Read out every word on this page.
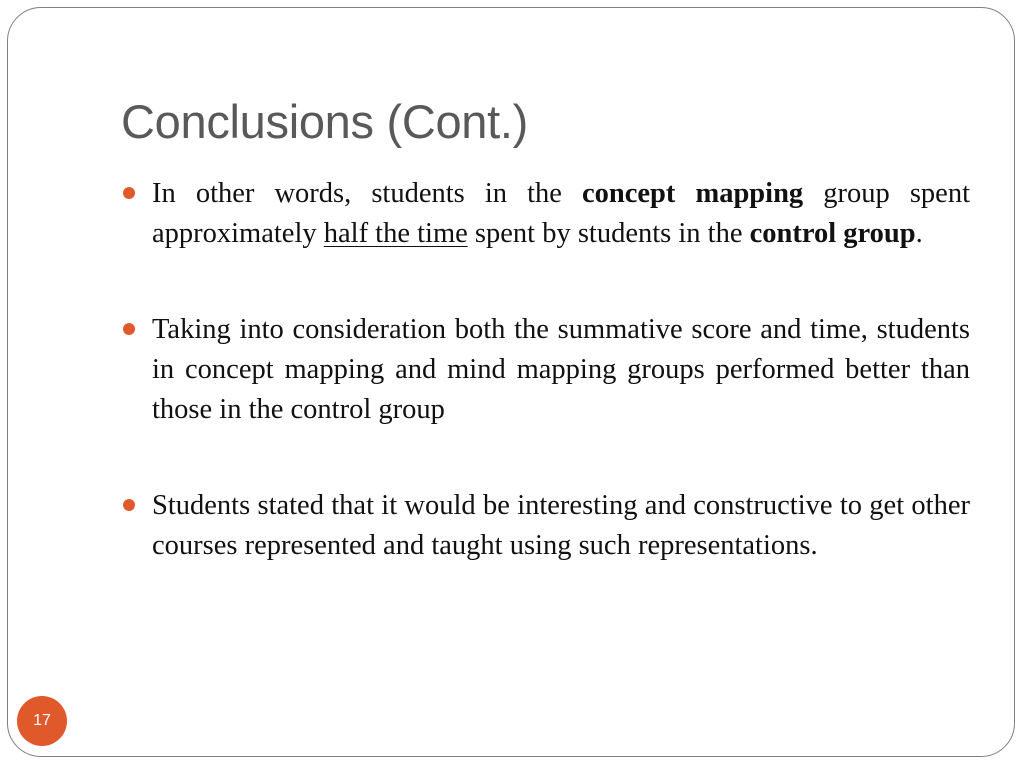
Conclusions (Cont.)
In other words, students in the concept mapping group spent approximately half the time spent by students in the control group.
Taking into consideration both the summative score and time, students in concept mapping and mind mapping groups performed better than those in the control group
Students stated that it would be interesting and constructive to get other courses represented and taught using such representations.
17
